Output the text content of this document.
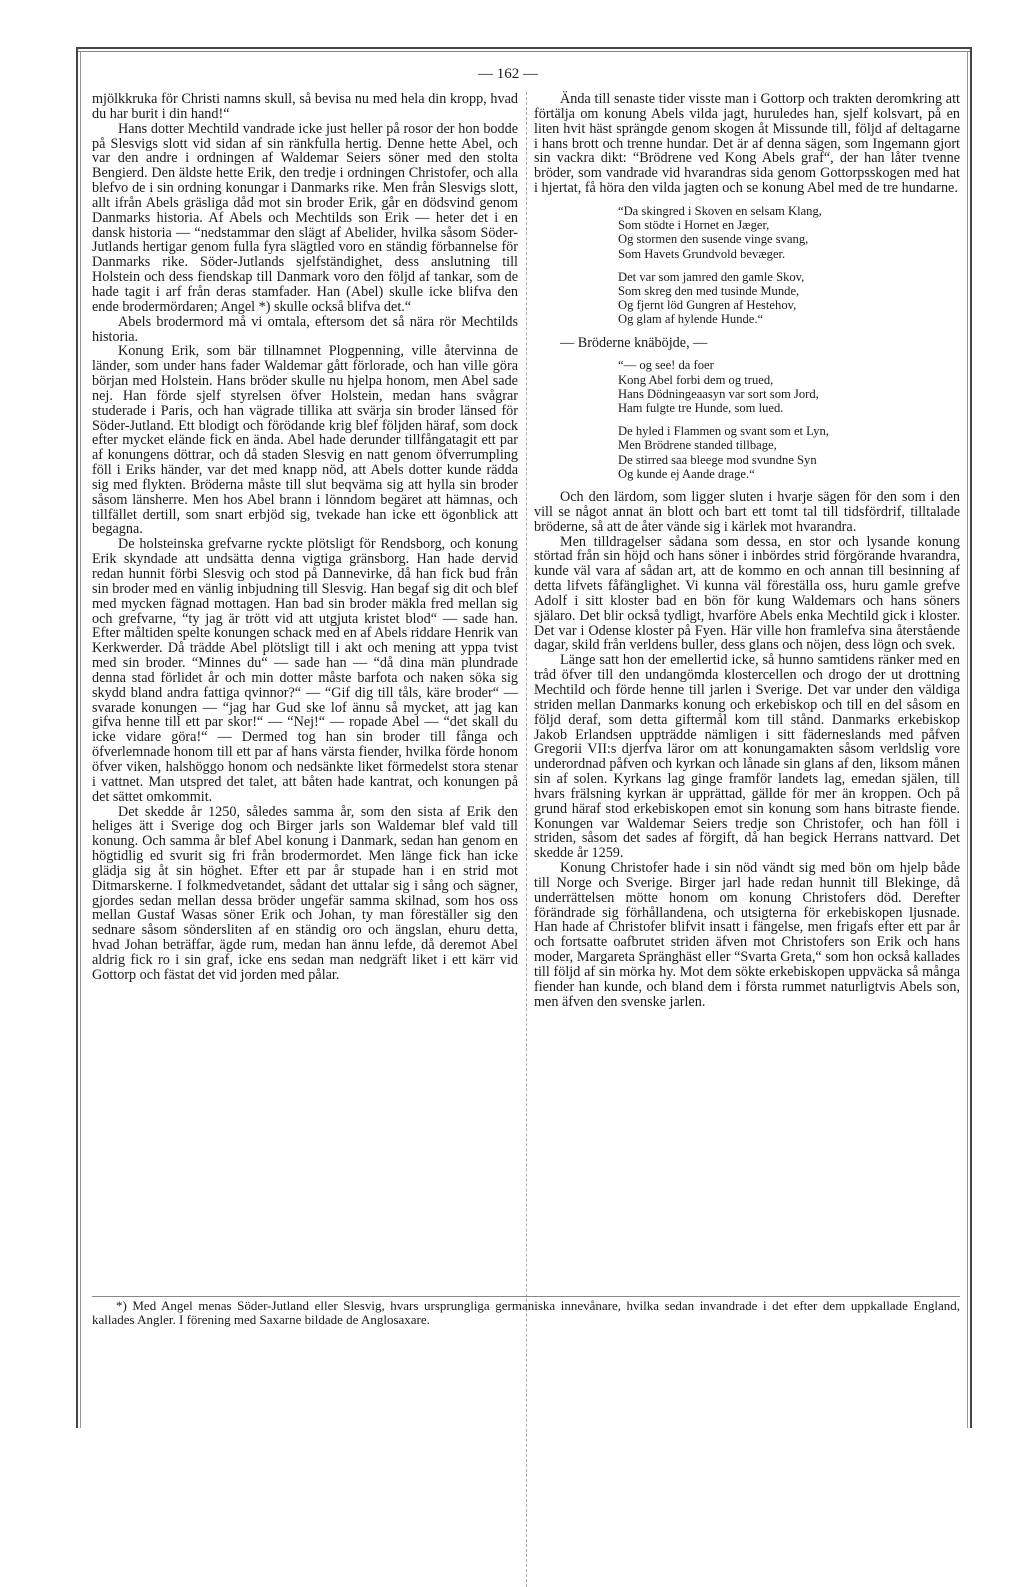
— 162 —

mjölkkruka för Christi namns skull, så bevisa nu med hela din kropp, hvad du har burit i din hand!“

Hans dotter Mechtild vandrade icke just heller på rosor der hon bodde på Slesvigs slott vid sidan af sin ränkfulla hertig. Denne hette Abel, och var den andre i ordningen af Waldemar Seiers söner med den stolta Bengierd. Den äldste hette Erik, den tredje i ordningen Christofer, och alla blefvo de i sin ordning konungar i Danmarks rike. Men från Slesvigs slott, allt ifrån Abels gräsliga dåd mot sin broder Erik, går en dödsvind genom Danmarks historia. Af Abels och Mechtilds son Erik — heter det i en dansk historia — “nedstammar den slägt af Abelider, hvilka såsom Söder-Jutlands hertigar genom fulla fyra slägtled voro en ständig förbannelse för Danmarks rike. Söder-Jutlands sjelfständighet, dess anslutning till Holstein och dess fiendskap till Danmark voro den följd af tankar, som de hade tagit i arf från deras stamfader. Han (Abel) skulle icke blifva den ende brodermördaren; Angel *) skulle också blifva det.“

Abels brodermord må vi omtala, eftersom det så nära rör Mechtilds historia.

Konung Erik, som bär tillnamnet Plogpenning, ville återvinna de länder, som under hans fader Waldemar gått förlorade, och han ville göra början med Holstein. Hans bröder skulle nu hjelpa honom, men Abel sade nej. Han förde sjelf styrelsen öfver Holstein, medan hans svågrar studerade i Paris, och han vägrade tillika att svärja sin broder länsed för Söder-Jutland. Ett blodigt och förödande krig blef följden häraf, som dock efter mycket elände fick en ända. Abel hade derunder tillfångatagit ett par af konungens döttrar, och då staden Slesvig en natt genom öfverrumpling föll i Eriks händer, var det med knapp nöd, att Abels dotter kunde rädda sig med flykten. Bröderna måste till slut beqväma sig att hylla sin broder såsom länsherre. Men hos Abel brann i lönndom begäret att hämnas, och tillfället dertill, som snart erbjöd sig, tvekade han icke ett ögonblick att begagna.

De holsteinska grefvarne ryckte plötsligt för Rendsborg, och konung Erik skyndade att undsätta denna vigtiga gränsborg. Han hade dervid redan hunnit förbi Slesvig och stod på Dannevirke, då han fick bud från sin broder med en vänlig inbjudning till Slesvig. Han begaf sig dit och blef med mycken fägnad mottagen. Han bad sin broder mäkla fred mellan sig och grefvarne, “ty jag är trött vid att utgjuta kristet blod“ — sade han. Efter måltiden spelte konungen schack med en af Abels riddare Henrik van Kerkwerder. Då trädde Abel plötsligt till i akt och mening att yppa tvist med sin broder. “Minnes du“ — sade han — “då dina män plundrade denna stad förlidet år och min dotter måste barfota och naken söka sig skydd bland andra fattiga qvinnor?“ — “Gif dig till tåls, käre broder“ — svarade konungen — “jag har Gud ske lof ännu så mycket, att jag kan gifva henne till ett par skor!“ — “Nej!“ — ropade Abel — “det skall du icke vidare göra!“ — Dermed tog han sin broder till fånga och öfverlemnade honom till ett par af hans värsta fiender, hvilka förde honom öfver viken, halshöggo honom och nedsänkte liket förmedelst stora stenar i vattnet. Man utspred det talet, att båten hade kantrat, och konungen på det sättet omkommit.

Det skedde år 1250, således samma år, som den sista af Erik den heliges ätt i Sverige dog och Birger jarls son Waldemar blef vald till konung. Och samma år blef Abel konung i Danmark, sedan han genom en högtidlig ed svurit sig fri från brodermordet. Men länge fick han icke glädja sig åt sin höghet. Efter ett par år stupade han i en strid mot Ditmarskerne. I folkmedvetandet, sådant det uttalar sig i sång och sägner, gjordes sedan mellan dessa bröder ungefär samma skilnad, som hos oss mellan Gustaf Wasas söner Erik och Johan, ty man föreställer sig den sednare såsom söndersliten af en ständig oro och ängslan, ehuru detta, hvad Johan beträffar, ägde rum, medan han ännu lefde, då deremot Abel aldrig fick ro i sin graf, icke ens sedan man nedgräft liket i ett kärr vid Gottorp och fästat det vid jorden med pålar.

Ända till senaste tider visste man i Gottorp och trakten deromkring att förtälja om konung Abels vilda jagt, huruledes han, sjelf kolsvart, på en liten hvit häst sprängde genom skogen åt Missunde till, följd af deltagarne i hans brott och trenne hundar. Det är af denna sägen, som Ingemann gjort sin vackra dikt: “Brödrene ved Kong Abels graf“, der han låter tvenne bröder, som vandrade vid hvarandras sida genom Gottorpsskogen med hat i hjertat, få höra den vilda jagten och se konung Abel med de tre hundarne.

“Da skingred i Skoven en selsam Klang,
Som stödte i Hornet en Jæger,
Og stormen den susende vinge svang,
Som Havets Grundvold bevæger.
Det var som jamred den gamle Skov,
Som skreg den med tusinde Munde,
Og fjernt löd Gungren af Hestehov,
Og glam af hylende Hunde.“

— Bröderne knäböjde, —

“— og see! da foer
Kong Abel forbi dem og trued,
Hans Dödningeaasyn var sort som Jord,
Ham fulgte tre Hunde, som lued.
De hyled i Flammen og svant som et Lyn,
Men Brödrene standed tillbage,
De stirred saa bleege mod svundne Syn
Og kunde ej Aande drage.“

Och den lärdom, som ligger sluten i hvarje sägen för den som i den vill se något annat än blott och bart ett tomt tal till tidsfördrif, tilltalade bröderne, så att de åter vände sig i kärlek mot hvarandra.

Men tilldragelser sådana som dessa, en stor och lysande konung störtad från sin höjd och hans söner i inbördes strid förgörande hvarandra, kunde väl vara af sådan art, att de kommo en och annan till besinning af detta lifvets fåfänglighet. Vi kunna väl föreställa oss, huru gamle grefve Adolf i sitt kloster bad en bön för kung Waldemars och hans söners själaro. Det blir också tydligt, hvarföre Abels enka Mechtild gick i kloster. Det var i Odense kloster på Fyen. Här ville hon framlefva sina återstående dagar, skild från verldens buller, dess glans och nöjen, dess lögn och svek.

Länge satt hon der emellertid icke, så hunno samtidens ränker med en tråd öfver till den undangömda klostercellen och drogo der ut drottning Mechtild och förde henne till jarlen i Sverige. Det var under den väldiga striden mellan Danmarks konung och erkebiskop och till en del såsom en följd deraf, som detta giftermål kom till stånd. Danmarks erkebiskop Jakob Erlandsen uppträdde nämligen i sitt fäderneslands med påfven Gregorii VII:s djerfva läror om att konungamakten såsom verldslig vore underordnad påfven och kyrkan och lånade sin glans af den, liksom månen sin af solen. Kyrkans lag ginge framför landets lag, emedan själen, till hvars frälsning kyrkan är upprättad, gällde för mer än kroppen. Och på grund häraf stod erkebiskopen emot sin konung som hans bitraste fiende. Konungen var Waldemar Seiers tredje son Christofer, och han föll i striden, såsom det sades af förgift, då han begick Herrans nattvard. Det skedde år 1259.

Konung Christofer hade i sin nöd vändt sig med bön om hjelp både till Norge och Sverige. Birger jarl hade redan hunnit till Blekinge, då underrättelsen mötte honom om konung Christofers död. Derefter förändrade sig förhållandena, och utsigterna för erkebiskopen ljusnade. Han hade af Christofer blifvit insatt i fängelse, men frigafs efter ett par år och fortsatte oafbrutet striden äfven mot Christofers son Erik och hans moder, Margareta Spränghäst eller “Svarta Greta,“ som hon också kallades till följd af sin mörka hy. Mot dem sökte erkebiskopen uppväcka så många fiender han kunde, och bland dem i första rummet naturligtvis Abels son, men äfven den svenske jarlen.

*) Med Angel menas Söder-Jutland eller Slesvig, hvars ursprungliga germaniska innevånare, hvilka sedan invandrade i det efter dem uppkallade England, kallades Angler. I förening med Saxarne bildade de Anglosaxare.
